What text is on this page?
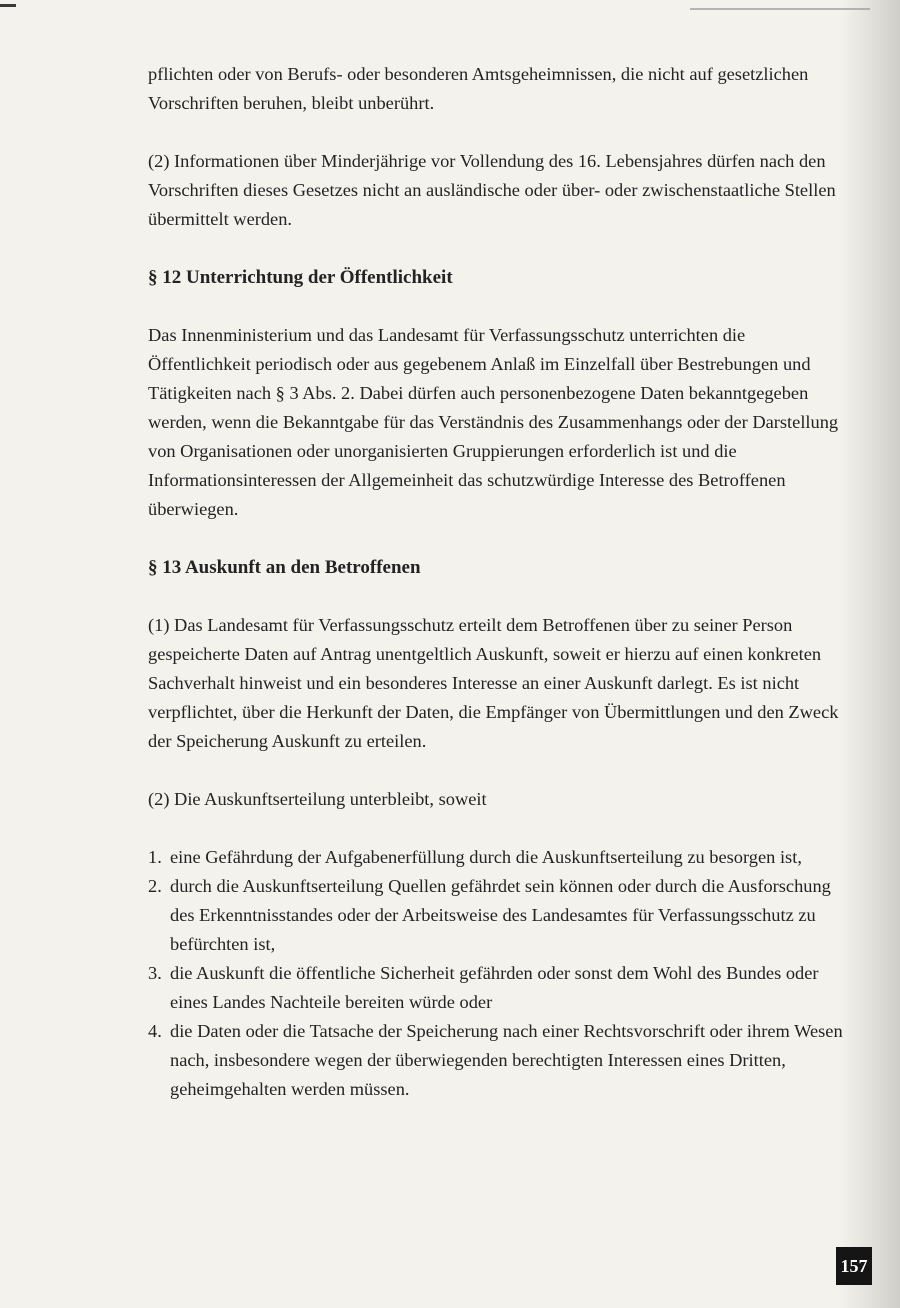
pflichten oder von Berufs- oder besonderen Amtsgeheimnissen, die nicht auf gesetzlichen Vorschriften beruhen, bleibt unberührt.

(2) Informationen über Minderjährige vor Vollendung des 16. Lebensjahres dürfen nach den Vorschriften dieses Gesetzes nicht an ausländische oder über- oder zwischenstaatliche Stellen übermittelt werden.

§ 12 Unterrichtung der Öffentlichkeit

Das Innenministerium und das Landesamt für Verfassungsschutz unterrichten die Öffentlichkeit periodisch oder aus gegebenem Anlaß im Einzelfall über Bestrebungen und Tätigkeiten nach § 3 Abs. 2. Dabei dürfen auch personenbezogene Daten bekanntgegeben werden, wenn die Bekanntgabe für das Verständnis des Zusammenhangs oder der Darstellung von Organisationen oder unorganisierten Gruppierungen erforderlich ist und die Informationsinteressen der Allgemeinheit das schutzwürdige Interesse des Betroffenen überwiegen.

§ 13 Auskunft an den Betroffenen

(1) Das Landesamt für Verfassungsschutz erteilt dem Betroffenen über zu seiner Person gespeicherte Daten auf Antrag unentgeltlich Auskunft, soweit er hierzu auf einen konkreten Sachverhalt hinweist und ein besonderes Interesse an einer Auskunft darlegt. Es ist nicht verpflichtet, über die Herkunft der Daten, die Empfänger von Übermittlungen und den Zweck der Speicherung Auskunft zu erteilen.

(2) Die Auskunftserteilung unterbleibt, soweit

1. eine Gefährdung der Aufgabenerfüllung durch die Auskunftserteilung zu besorgen ist,
2. durch die Auskunftserteilung Quellen gefährdet sein können oder durch die Ausforschung des Erkenntnisstandes oder der Arbeitsweise des Landesamtes für Verfassungsschutz zu befürchten ist,
3. die Auskunft die öffentliche Sicherheit gefährden oder sonst dem Wohl des Bundes oder eines Landes Nachteile bereiten würde oder
4. die Daten oder die Tatsache der Speicherung nach einer Rechtsvorschrift oder ihrem Wesen nach, insbesondere wegen der überwiegenden berechtigten Interessen eines Dritten, geheimgehalten werden müssen.
157
